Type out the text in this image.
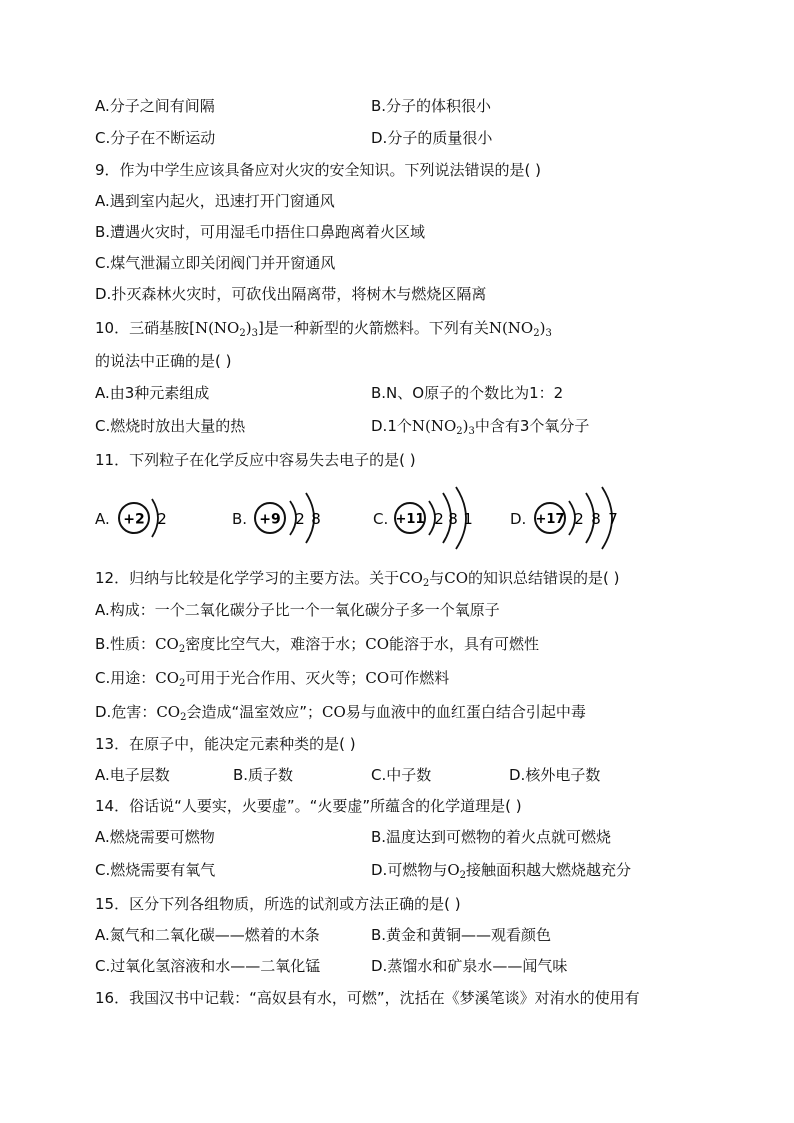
A.分子之间有间隔	B.分子的体积很小
C.分子在不断运动	D.分子的质量很小
9．作为中学生应该具备应对火灾的安全知识。下列说法错误的是( )
A.遇到室内起火，迅速打开门窗通风
B.遭遇火灾时，可用湿毛巾捂住口鼻跑离着火区域
C.煤气泄漏立即关闭阀门并开窗通风
D.扑灭森林火灾时，可砍伐出隔离带，将树木与燃烧区隔离
10．三硝基胺$[N(NO_2)_3]$是一种新型的火箭燃料。下列有关$N(NO_2)_3$
的说法中正确的是( )
A.由3种元素组成	B.N、O原子的个数比为1：2
C.燃烧时放出大量的热	D.1个$N(NO_2)_3$中含有3个氧分子
11．下列粒子在化学反应中容易失去电子的是( )
A. +2 2	B. +9 2 8	C. +11 2 8 1 D. +17 2 8 7
12．归纳与比较是化学学习的主要方法。关于$CO_2$与CO的知识总结错误的是( )
A.构成：一个二氧化碳分子比一个一氧化碳分子多一个氧原子
B.性质：$CO_2$密度比空气大，难溶于水；CO能溶于水，具有可燃性
C.用途：$CO_2$可用于光合作用、灭火等；CO可作燃料
D.危害：$CO_2$会造成“温室效应”；CO易与血液中的血红蛋白结合引起中毒
13．在原子中，能决定元素种类的是( )
A.电子层数	B.质子数	C.中子数	D.核外电子数
14．俗话说“人要实，火要虚”。“火要虚”所蕴含的化学道理是( )
A.燃烧需要可燃物	B.温度达到可燃物的着火点就可燃烧
C.燃烧需要有氧气	D.可燃物与$O_2$接触面积越大燃烧越充分
15．区分下列各组物质，所选的试剂或方法正确的是( )
A.氮气和二氧化碳——燃着的木条	B.黄金和黄铜——观看颜色
C.过氧化氢溶液和水——二氧化锰	D.蒸馏水和矿泉水——闻气味
16．我国汉书中记载：“高奴县有水，可燃”，沈括在《梦溪笔谈》对洧水的使用有
